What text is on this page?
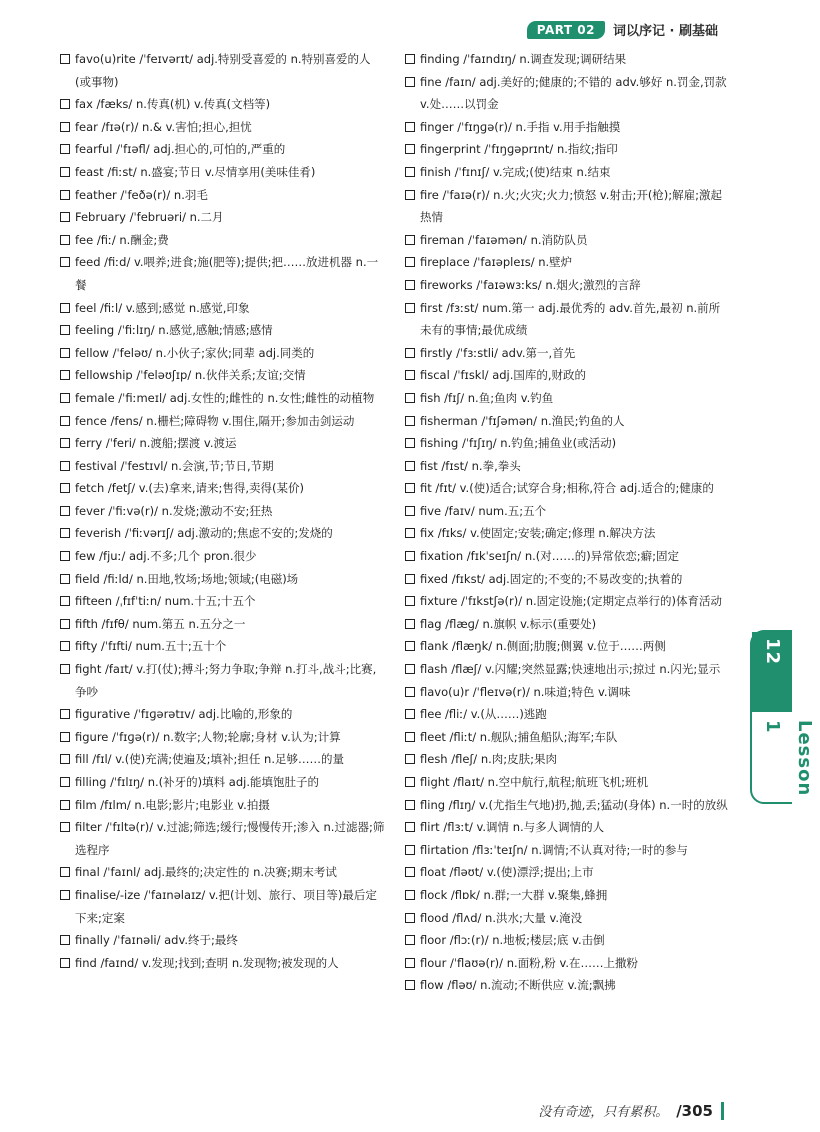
PART 02	词以序记 · 刷基础

favo(u)rite /ˈfeɪvərɪt/ adj.特别受喜爱的 n.特别喜爱的人(或事物)

fax /fæks/ n.传真(机) v.传真(文档等)

fear /fɪə(r)/ n.& v.害怕;担心,担忧

fearful /ˈfɪəfl/ adj.担心的,可怕的,严重的

feast /fiːst/ n.盛宴;节日 v.尽情享用(美味佳肴)

feather /ˈfeðə(r)/ n.羽毛

February /ˈfebruəri/ n.二月

fee /fiː/ n.酬金;费

feed /fiːd/ v.喂养;进食;施(肥等);提供;把……放进机器 n.一餐

feel /fiːl/ v.感到;感觉 n.感觉,印象

feeling /ˈfiːlɪŋ/ n.感觉,感触;情感;感情

fellow /ˈfeləʊ/ n.小伙子;家伙;同辈 adj.同类的

fellowship /ˈfeləʊʃɪp/ n.伙伴关系;友谊;交情

female /ˈfiːmeɪl/ adj.女性的;雌性的 n.女性;雌性的动植物

fence /fens/ n.栅栏;障碍物 v.围住,隔开;参加击剑运动

ferry /ˈferi/ n.渡船;摆渡 v.渡运

festival /ˈfestɪvl/ n.会演,节;节日,节期

fetch /fetʃ/ v.(去)拿来,请来;售得,卖得(某价)

fever /ˈfiːvə(r)/ n.发烧;激动不安;狂热

feverish /ˈfiːvərɪʃ/ adj.激动的;焦虑不安的;发烧的

few /fjuː/ adj.不多;几个 pron.很少

field /fiːld/ n.田地,牧场;场地;领域;(电磁)场

fifteen /ˌfɪfˈtiːn/ num.十五;十五个

fifth /fɪfθ/ num.第五 n.五分之一

fifty /ˈfɪfti/ num.五十;五十个

fight /faɪt/ v.打(仗);搏斗;努力争取;争辩 n.打斗,战斗;比赛,争吵

figurative /ˈfɪɡərətɪv/ adj.比喻的,形象的

figure /ˈfɪɡə(r)/ n.数字;人物;轮廓;身材 v.认为;计算

fill /fɪl/ v.(使)充满;使遍及;填补;担任 n.足够……的量

filling /ˈfɪlɪŋ/ n.(补牙的)填料 adj.能填饱肚子的

film /fɪlm/ n.电影;影片;电影业 v.拍摄

filter /ˈfɪltə(r)/ v.过滤;筛选;缓行;慢慢传开;渗入 n.过滤器;筛选程序

final /ˈfaɪnl/ adj.最终的;决定性的 n.决赛;期末考试

finalise/-ize /ˈfaɪnəlaɪz/ v.把(计划、旅行、项目等)最后定下来;定案

finally /ˈfaɪnəli/ adv.终于;最终

find /faɪnd/ v.发现;找到;查明 n.发现物;被发现的人

finding /ˈfaɪndɪŋ/ n.调查发现;调研结果

fine /faɪn/ adj.美好的;健康的;不错的 adv.够好 n.罚金,罚款 v.处……以罚金

finger /ˈfɪŋɡə(r)/ n.手指 v.用手指触摸

fingerprint /ˈfɪŋɡəprɪnt/ n.指纹;指印

finish /ˈfɪnɪʃ/ v.完成;(使)结束 n.结束

fire /ˈfaɪə(r)/ n.火;火灾;火力;愤怒 v.射击;开(枪);解雇;激起热情

fireman /ˈfaɪəmən/ n.消防队员

fireplace /ˈfaɪəpleɪs/ n.壁炉

fireworks /ˈfaɪəwɜːks/ n.烟火;激烈的言辞

first /fɜːst/ num.第一 adj.最优秀的 adv.首先,最初 n.前所未有的事情;最优成绩

firstly /ˈfɜːstli/ adv.第一,首先

fiscal /ˈfɪskl/ adj.国库的,财政的

fish /fɪʃ/ n.鱼;鱼肉 v.钓鱼

fisherman /ˈfɪʃəmən/ n.渔民;钓鱼的人

fishing /ˈfɪʃɪŋ/ n.钓鱼;捕鱼业(或活动)

fist /fɪst/ n.拳,拳头

fit /fɪt/ v.(使)适合;试穿合身;相称,符合 adj.适合的;健康的

five /faɪv/ num.五;五个

fix /fɪks/ v.使固定;安装;确定;修理 n.解决方法

fixation /fɪkˈseɪʃn/ n.(对……的)异常依恋;癖;固定

fixed /fɪkst/ adj.固定的;不变的;不易改变的;执着的

fixture /ˈfɪkstʃə(r)/ n.固定设施;(定期定点举行的)体育活动

flag /flæɡ/ n.旗帜 v.标示(重要处)

flank /flæŋk/ n.侧面;肋腹;侧翼 v.位于……两侧

flash /flæʃ/ v.闪耀;突然显露;快速地出示;掠过 n.闪光;显示

flavo(u)r /ˈfleɪvə(r)/ n.味道;特色 v.调味

flee /fliː/ v.(从……)逃跑

fleet /fliːt/ n.舰队;捕鱼船队;海军;车队

flesh /fleʃ/ n.肉;皮肤;果肉

flight /flaɪt/ n.空中航行,航程;航班飞机;班机

fling /flɪŋ/ v.(尤指生气地)扔,抛,丢;猛动(身体) n.一时的放纵

flirt /flɜːt/ v.调情 n.与多人调情的人

flirtation /flɜːˈteɪʃn/ n.调情;不认真对待;一时的参与

float /fləʊt/ v.(使)漂浮;提出;上市

flock /flɒk/ n.群;一大群 v.聚集,蜂拥

flood /flʌd/ n.洪水;大量 v.淹没

floor /flɔː(r)/ n.地板;楼层;底 v.击倒

flour /ˈflaʊə(r)/ n.面粉,粉 v.在……上撒粉

flow /fləʊ/ n.流动;不断供应 v.流;飘拂

Unit 12
Lesson 1
没有奇迹，只有累积。 /305
